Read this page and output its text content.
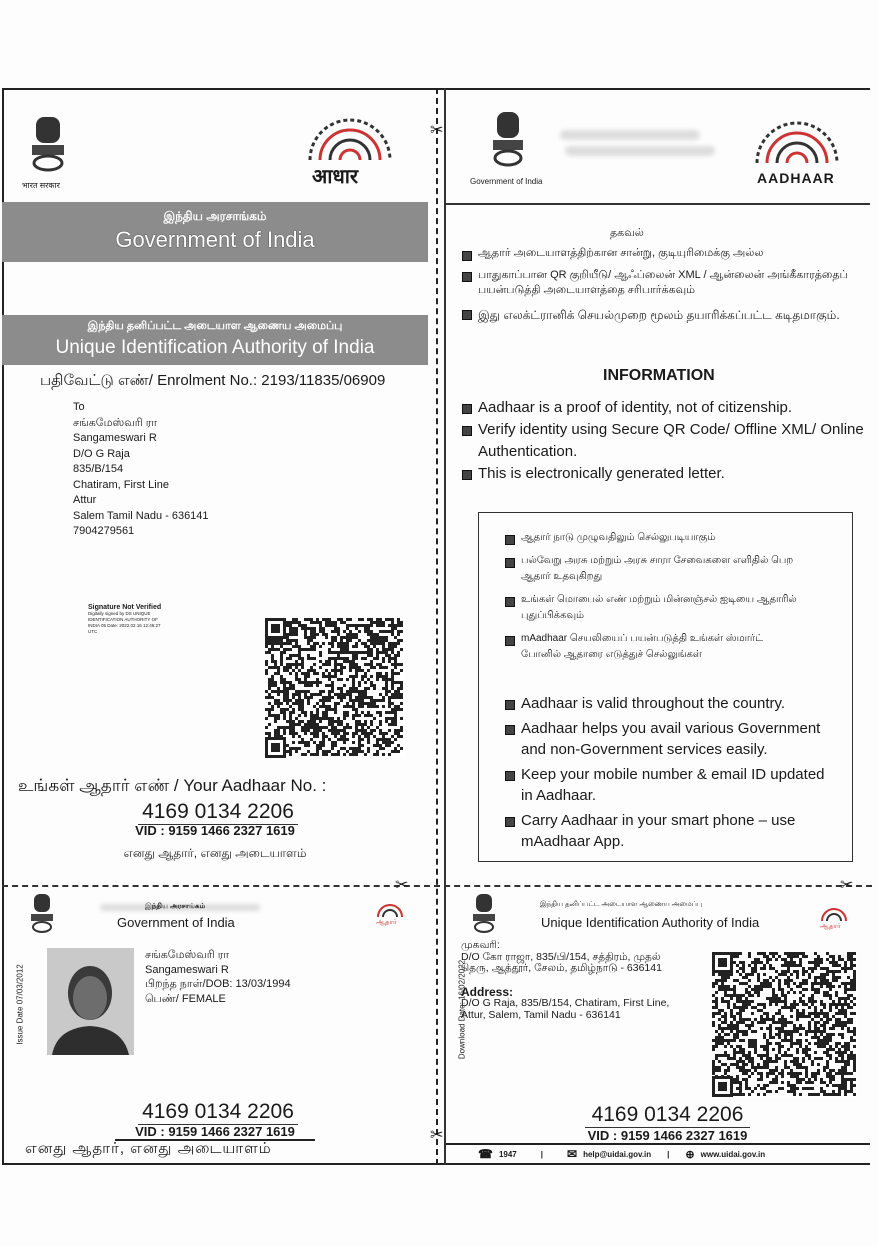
✂
✂
✂	✂
भारत सरकार	आधार
இந்திய அரசாங்கம்
Government of India
இந்திய தனிப்பட்ட அடையாள ஆணைய அமைப்பு
Unique Identification Authority of India
பதிவேட்டு எண்/ Enrolment No.: 2193/11835/06909
To
சங்கமேஸ்வரி ரா
Sangameswari R
D/O G Raja
835/B/154
Chatiram, First Line
Attur
Salem Tamil Nadu - 636141
7904279561
Signature Not Verified
Digitally signed by DS UNIQUE IDENTIFICATION AUTHORITY OF INDIA 05 Date: 2022.02.16 12:46:27 UTC
உங்கள் ஆதார் எண் / Your Aadhaar No. :
4169 0134 2206
VID : 9159 1466 2327 1619
எனது ஆதார், எனது அடையாளம்
Government of India	AADHAAR
தகவல்
ஆதார் அடையாளத்திற்கான சான்று, குடியுரிமைக்கு அல்ல
பாதுகாப்பான QR குறியீடு/ ஆஃப்லைன் XML / ஆன்லைன் அங்கீகாரத்தைப் பயன்படுத்தி அடையாளத்தை சரிபார்க்கவும்
இது எலக்ட்ரானிக் செயல்முறை மூலம் தயாரிக்கப்பட்ட கடிதமாகும்.
INFORMATION
Aadhaar is a proof of identity, not of citizenship.
Verify identity using Secure QR Code/ Offline XML/ Online Authentication.
This is electronically generated letter.
ஆதார் நாடு முழுவதிலும் செல்லுபடியாகும்
பல்வேறு அரசு மற்றும் அரசு சாரா சேவைகளை எளிதில் பெற ஆதார் உதவுகிறது
உங்கள் மொபைல் எண் மற்றும் மின்னஞ்சல் ஐடியை ஆதாரில் புதுப்பிக்கவும்
mAadhaar செயலியைப் பயன்படுத்தி உங்கள் ஸ்மார்ட் போனில் ஆதாரை எடுத்துச் செல்லுங்கள்
Aadhaar is valid throughout the country.
Aadhaar helps you avail various Government and non-Government services easily.
Keep your mobile number & email ID updated in Aadhaar.
Carry Aadhaar in your smart phone – use mAadhaar App.
இந்திய அரசாங்கம்
Government of India	ஆதார்
Issue Date 07/03/2012
சங்கமேஸ்வரி ரா
Sangameswari R
பிறந்த நாள்/DOB: 13/03/1994
பெண்/ FEMALE
4169 0134 2206
VID : 9159 1466 2327 1619
எனது ஆதார், எனது அடையாளம்
இந்திய தனிப்பட்ட அடையாள ஆணைய அமைப்பு
Unique Identification Authority of India	ஆதார்
Download Date: 16/02/2022
முகவரி:
D/O கோ ராஜா, 835/பி/154, சத்திரம், முதல் தெரு, ஆத்தூர், சேலம், தமிழ்நாடு - 636141
Address:
D/O G Raja, 835/B/154, Chatiram, First Line, Attur, Salem, Tamil Nadu - 636141
4169 0134 2206
VID : 9159 1466 2327 1619
☎ 1947	| ✉ help@uidai.gov.in | ⊕ www.uidai.gov.in
